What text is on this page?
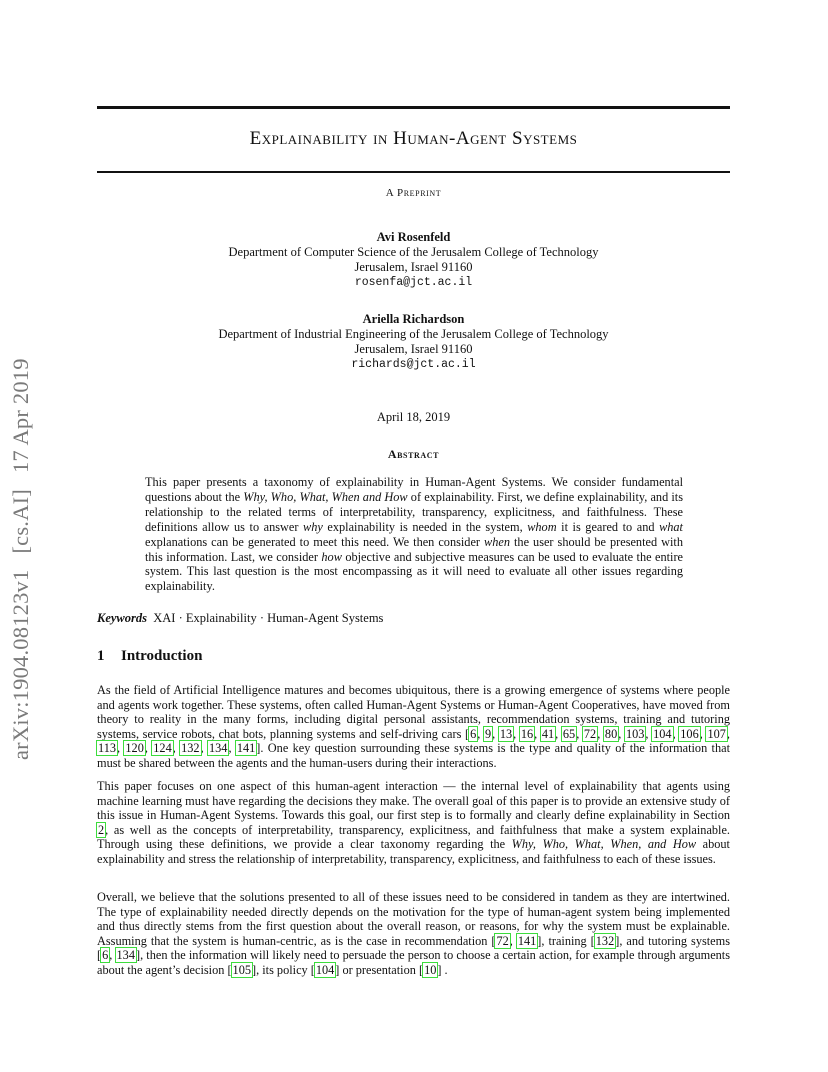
arXiv:1904.08123v1[cs.AI]17 Apr 2019
Explainability in Human-Agent Systems
A Preprint
Avi Rosenfeld
Department of Computer Science of the Jerusalem College of Technology
Jerusalem, Israel 91160
rosenfa@jct.ac.il
Ariella Richardson
Department of Industrial Engineering of the Jerusalem College of Technology
Jerusalem, Israel 91160
richards@jct.ac.il
April 18, 2019
Abstract
This paper presents a taxonomy of explainability in Human-Agent Systems. We consider fundamental questions about the Why, Who, What, When and How of explainability. First, we define explainability, and its relationship to the related terms of interpretability, transparency, explicitness, and faithfulness. These definitions allow us to answer why explainability is needed in the system, whom it is geared to and what explanations can be generated to meet this need. We then consider when the user should be presented with this information. Last, we consider how objective and subjective measures can be used to evaluate the entire system. This last question is the most encompassing as it will need to evaluate all other issues regarding explainability.
Keywords XAI · Explainability · Human-Agent Systems
1 Introduction

As the field of Artificial Intelligence matures and becomes ubiquitous, there is a growing emergence of systems where people and agents work together. These systems, often called Human-Agent Systems or Human-Agent Cooperatives, have moved from theory to reality in the many forms, including digital personal assistants, recommendation systems, training and tutoring systems, service robots, chat bots, planning systems and self-driving cars [6, 9, 13, 16, 41, 65, 72, 80, 103, 104, 106, 107, 113, 120, 124, 132, 134, 141]. One key question surrounding these systems is the type and quality of the information that must be shared between the agents and the human-users during their interactions.

This paper focuses on one aspect of this human-agent interaction — the internal level of explainability that agents using machine learning must have regarding the decisions they make. The overall goal of this paper is to provide an extensive study of this issue in Human-Agent Systems. Towards this goal, our first step is to formally and clearly define explainability in Section 2, as well as the concepts of interpretability, transparency, explicitness, and faithfulness that make a system explainable. Through using these definitions, we provide a clear taxonomy regarding the Why, Who, What, When, and How about explainability and stress the relationship of interpretability, transparency, explicitness, and faithfulness to each of these issues.

Overall, we believe that the solutions presented to all of these issues need to be considered in tandem as they are intertwined. The type of explainability needed directly depends on the motivation for the type of human-agent system being implemented and thus directly stems from the first question about the overall reason, or reasons, for why the system must be explainable. Assuming that the system is human-centric, as is the case in recommendation [72, 141], training [132], and tutoring systems [6, 134], then the information will likely need to persuade the person to choose a certain action, for example through arguments about the agent’s decision [105], its policy [104] or presentation [10] .
